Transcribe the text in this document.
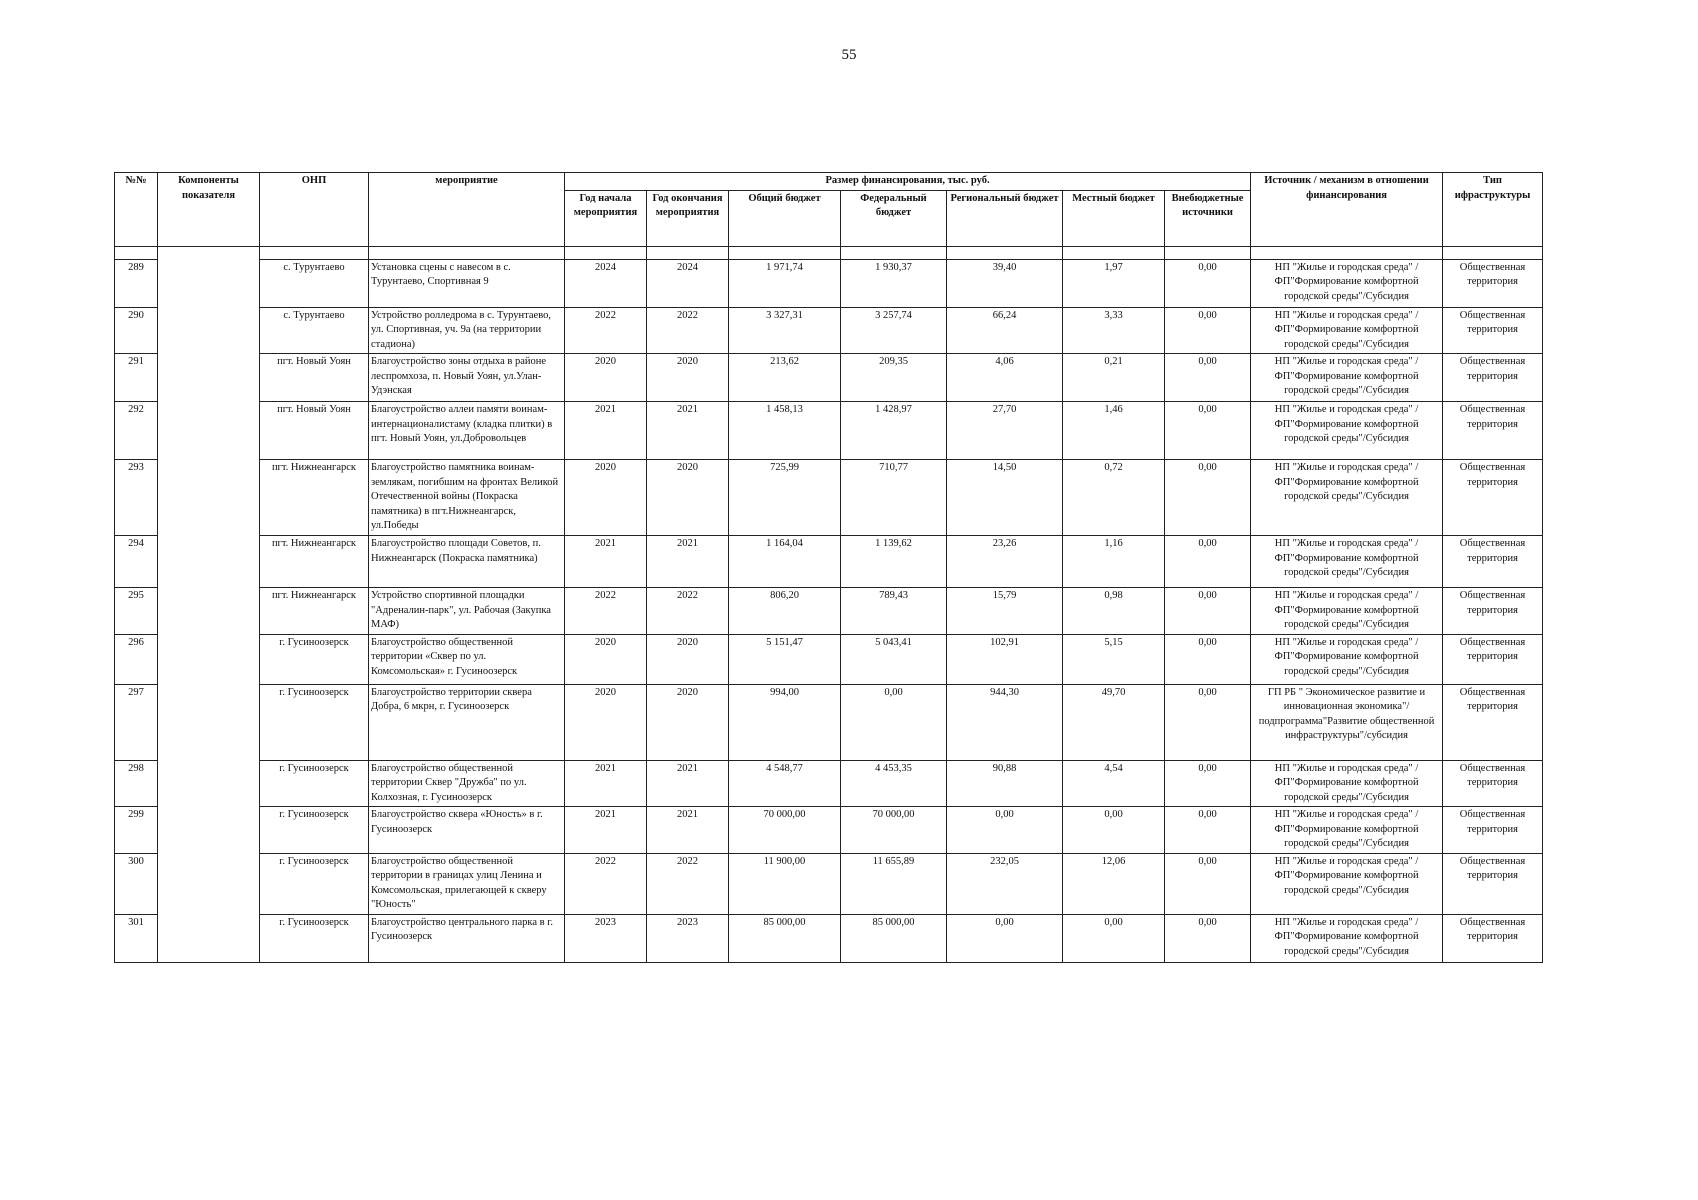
55
№№	Компоненты показателя	ОНП	мероприятие	Размер финансирования, тыс. руб.							Источник / механизм в отношении финансирования	Тип ифраструктуры
				Год начала мероприятия	Год окончания мероприятия	Общий бюджет	Федеральный бюджет	Региональный бюджет	Местный бюджет	Внебюджетные источники		

289		с. Турунтаево	Установка сцены с навесом в с. Турунтаево, Спортивная 9	2024	2024	1 971,74	1 930,37	39,40	1,97	0,00	НП "Жилье и городская среда" /ФП"Формирование комфортной городской среды"/Субсидия	Общественная территория
290		с. Турунтаево	Устройство ролледрома в с. Турунтаево, ул. Спортивная, уч. 9а (на территории стадиона)	2022	2022	3 327,31	3 257,74	66,24	3,33	0,00	НП "Жилье и городская среда" /ФП"Формирование комфортной городской среды"/Субсидия	Общественная территория
291		пгт. Новый Уоян	Благоустройство зоны отдыха в районе леспромхоза, п. Новый Уоян, ул.Улан-Удэнская	2020	2020	213,62	209,35	4,06	0,21	0,00	НП "Жилье и городская среда" /ФП"Формирование комфортной городской среды"/Субсидия	Общественная территория
292		пгт. Новый Уоян	Благоустройство аллеи памяти воинам-интернационалистаму (кладка плитки) в пгт. Новый Уоян, ул.Добровольцев	2021	2021	1 458,13	1 428,97	27,70	1,46	0,00	НП "Жилье и городская среда" /ФП"Формирование комфортной городской среды"/Субсидия	Общественная территория
293		пгт. Нижнеангарск	Благоустройство памятника воинам-землякам, погибшим на фронтах Великой Отечественной войны (Покраска памятника) в пгт.Нижнеангарск, ул.Победы	2020	2020	725,99	710,77	14,50	0,72	0,00	НП "Жилье и городская среда" /ФП"Формирование комфортной городской среды"/Субсидия	Общественная территория
294		пгт. Нижнеангарск	Благоустройство площади Советов, п. Нижнеангарск (Покраска памятника)	2021	2021	1 164,04	1 139,62	23,26	1,16	0,00	НП "Жилье и городская среда" /ФП"Формирование комфортной городской среды"/Субсидия	Общественная территория
295		пгт. Нижнеангарск	Устройство спортивной площадки "Адреналин-парк", ул. Рабочая (Закупка МАФ)	2022	2022	806,20	789,43	15,79	0,98	0,00	НП "Жилье и городская среда" /ФП"Формирование комфортной городской среды"/Субсидия	Общественная территория
296		г. Гусиноозерск	Благоустройство общественной территории «Сквер по ул. Комсомольская» г. Гусиноозерск	2020	2020	5 151,47	5 043,41	102,91	5,15	0,00	НП "Жилье и городская среда" /ФП"Формирование комфортной городской среды"/Субсидия	Общественная территория
297		г. Гусиноозерск	Благоустройство территории сквера Добра, 6 мкрн, г. Гусиноозерск	2020	2020	994,00	0,00	944,30	49,70	0,00	ГП РБ " Экономическое развитие и инновационная экономика"/подпрограмма"Развитие общественной инфраструктуры"/субсидия	Общественная территория
298		г. Гусиноозерск	Благоустройство общественной территории Сквер "Дружба" по ул. Колхозная, г. Гусиноозерск	2021	2021	4 548,77	4 453,35	90,88	4,54	0,00	НП "Жилье и городская среда" /ФП"Формирование комфортной городской среды"/Субсидия	Общественная территория
299		г. Гусиноозерск	Благоустройство сквера «Юность» в г. Гусиноозерск	2021	2021	70 000,00	70 000,00	0,00	0,00	0,00	НП "Жилье и городская среда" /ФП"Формирование комфортной городской среды"/Субсидия	Общественная территория
300		г. Гусиноозерск	Благоустройство общественной территории в границах улиц Ленина и Комсомольская, прилегающей к скверу "Юность"	2022	2022	11 900,00	11 655,89	232,05	12,06	0,00	НП "Жилье и городская среда" /ФП"Формирование комфортной городской среды"/Субсидия	Общественная территория
301		г. Гусиноозерск	Благоустройство центрального парка в г. Гусиноозерск	2023	2023	85 000,00	85 000,00	0,00	0,00	0,00	НП "Жилье и городская среда" /ФП"Формирование комфортной городской среды"/Субсидия	Общественная территория
